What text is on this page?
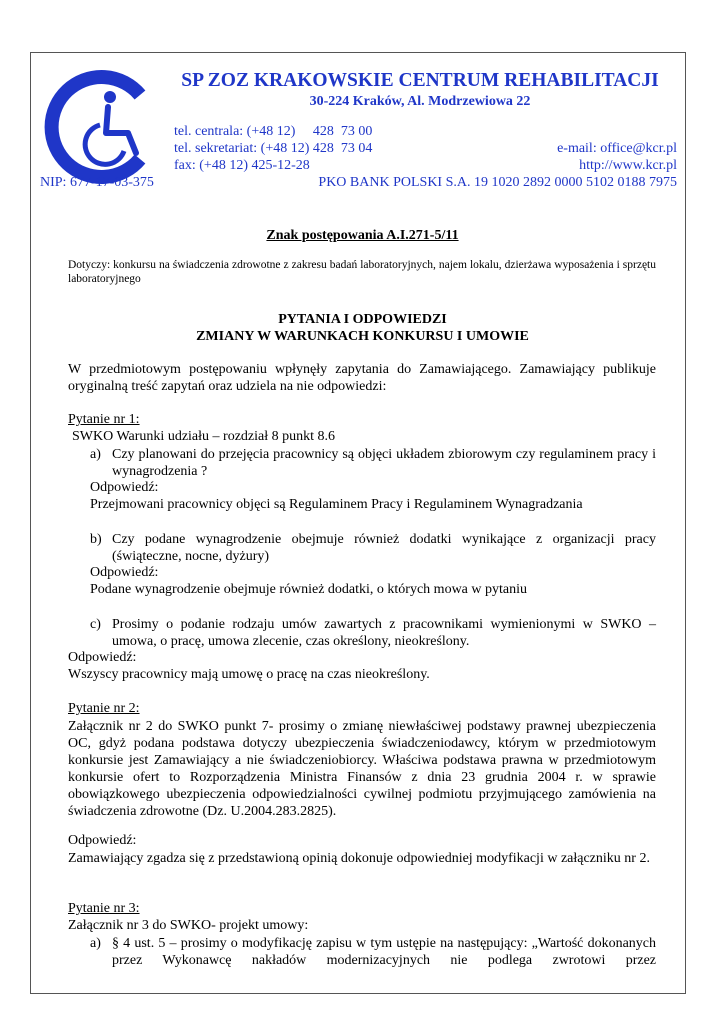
SP ZOZ KRAKOWSKIE CENTRUM REHABILITACJI
30-224 Kraków, Al. Modrzewiowa 22
tel. centrala: (+48 12)     428  73 00
tel. sekretariat: (+48 12) 428  73 04
fax: (+48 12) 425-12-28
e-mail: office@kcr.pl
http://www.kcr.pl
NIP: 677-17-03-375	PKO BANK POLSKI S.A. 19 1020 2892 0000 5102 0188 7975
Znak postępowania A.I.271-5/11
Dotyczy: konkursu na świadczenia zdrowotne z zakresu badań laboratoryjnych, najem lokalu, dzierżawa wyposażenia i sprzętu laboratoryjnego
PYTANIA I ODPOWIEDZI
ZMIANY W WARUNKACH KONKURSU I UMOWIE
W przedmiotowym postępowaniu wpłynęły zapytania do Zamawiającego. Zamawiający publikuje oryginalną treść zapytań oraz udziela na nie odpowiedzi:
Pytanie nr 1:
SWKO Warunki udziału – rozdział 8 punkt 8.6
a) Czy planowani do przejęcia pracownicy są objęci układem zbiorowym czy regulaminem pracy i wynagrodzenia ?
Odpowiedź:
Przejmowani pracownicy objęci są Regulaminem Pracy i Regulaminem Wynagradzania
b) Czy podane wynagrodzenie obejmuje również dodatki wynikające z organizacji pracy (świąteczne, nocne, dyżury)
Odpowiedź:
Podane wynagrodzenie obejmuje również dodatki, o których mowa w pytaniu
c) Prosimy o podanie rodzaju umów zawartych z pracownikami wymienionymi w SWKO – umowa, o pracę, umowa zlecenie, czas określony, nieokreślony.
Odpowiedź:
Wszyscy pracownicy mają umowę o pracę na czas nieokreślony.
Pytanie nr 2:
Załącznik nr 2 do SWKO punkt 7- prosimy o zmianę niewłaściwej podstawy prawnej ubezpieczenia OC, gdyż podana podstawa dotyczy ubezpieczenia świadczeniodawcy, którym w przedmiotowym konkursie jest Zamawiający a nie świadczeniobiorcy. Właściwa podstawa prawna w przedmiotowym konkursie ofert to Rozporządzenia Ministra Finansów z dnia 23 grudnia 2004 r. w sprawie obowiązkowego ubezpieczenia odpowiedzialności cywilnej podmiotu przyjmującego zamówienia na świadczenia zdrowotne (Dz. U.2004.283.2825).
Odpowiedź:
Zamawiający zgadza się z przedstawioną opinią dokonuje odpowiedniej modyfikacji w załączniku nr 2.
Pytanie nr 3:
Załącznik nr 3 do SWKO- projekt umowy:
a) § 4 ust. 5 – prosimy o modyfikację zapisu w tym ustępie na następujący: „Wartość dokonanych przez Wykonawcę nakładów modernizacyjnych nie podlega zwrotowi przez
